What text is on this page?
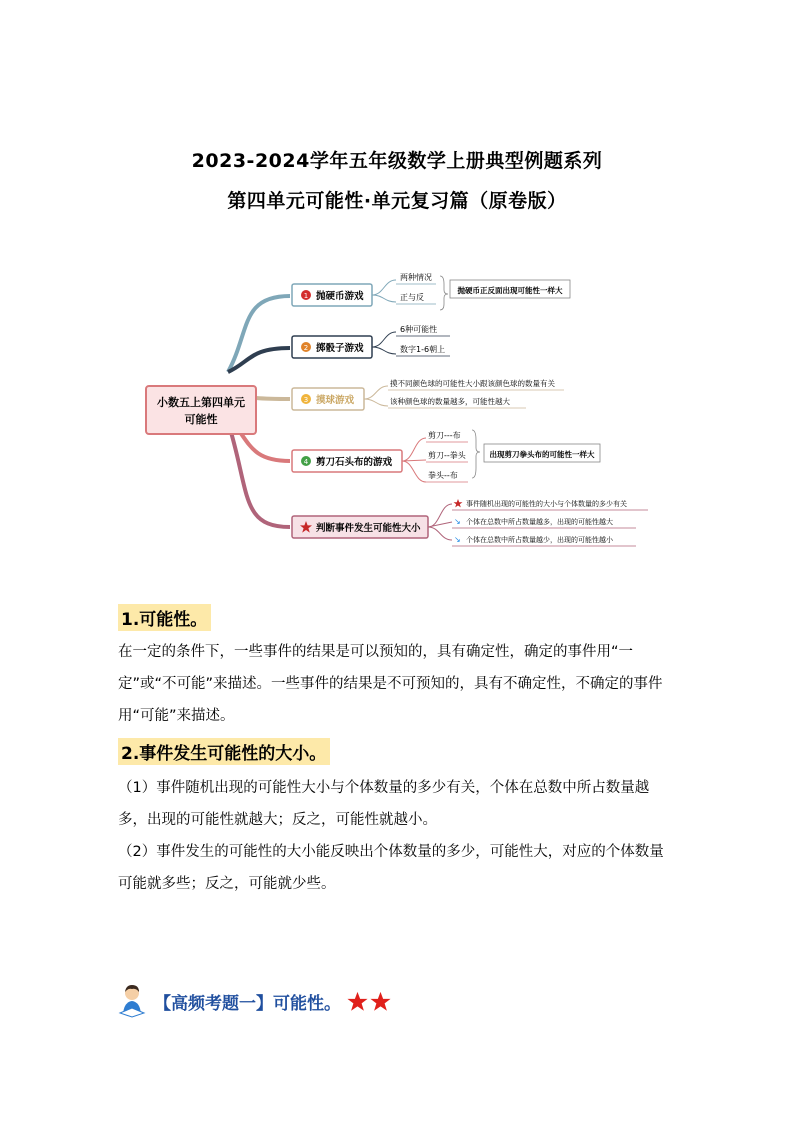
2023-2024学年五年级数学上册典型例题系列
第四单元可能性·单元复习篇（原卷版）
小数五上第四单元
可能性
1 抛硬币游戏
两种情况
正与反
抛硬币正反面出现可能性一样大
2 掷骰子游戏
6种可能性
数字1-6朝上
3 摸球游戏
摸不同颜色球的可能性大小跟该颜色球的数量有关
该种颜色球的数量越多，可能性越大
4 剪刀石头布的游戏
剪刀---布
剪刀--拳头
拳头--布
出现剪刀拳头布的可能性一样大
判断事件发生可能性大小
事件随机出现的可能性的大小与个体数量的多少有关
↘ 个体在总数中所占数量越多，出现的可能性越大
↘ 个体在总数中所占数量越少，出现的可能性越小
1.可能性。

在一定的条件下，一些事件的结果是可以预知的，具有确定性，确定的事件用“一定”或“不可能”来描述。一些事件的结果是不可预知的，具有不确定性，不确定的事件用“可能”来描述。

2.事件发生可能性的大小。

（1）事件随机出现的可能性大小与个体数量的多少有关，个体在总数中所占数量越多，出现的可能性就越大；反之，可能性就越小。

（2）事件发生的可能性的大小能反映出个体数量的多少，可能性大，对应的个体数量可能就多些；反之，可能就少些。

【高频考题一】可能性。
